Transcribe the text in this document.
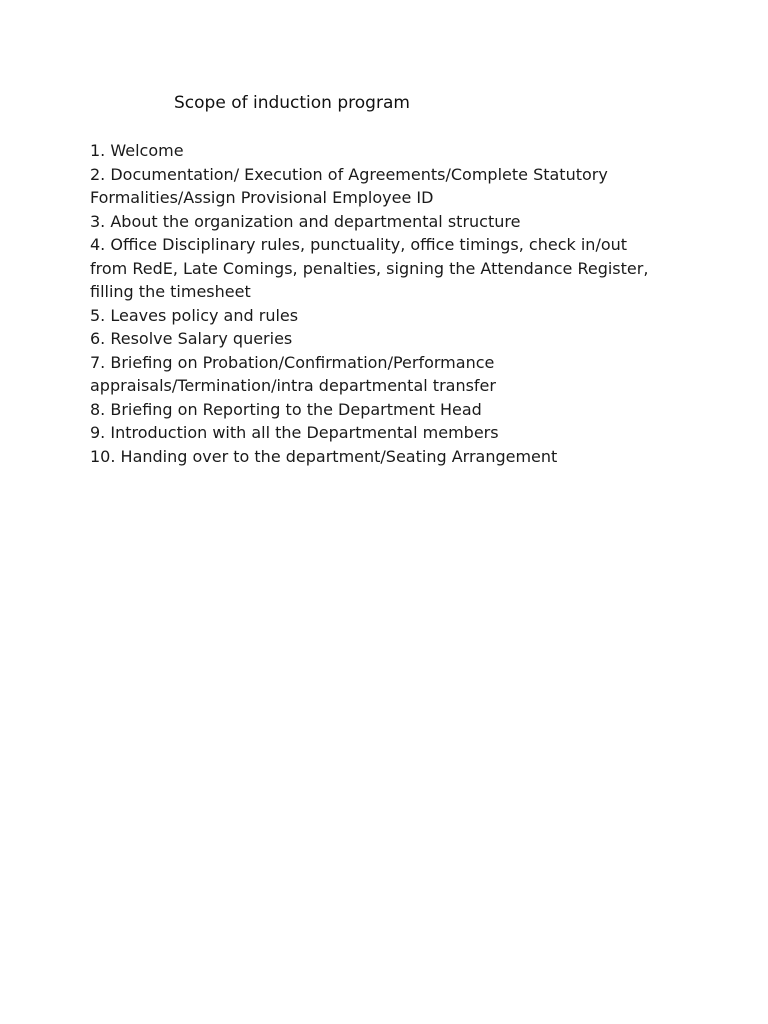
Scope of induction program
1. Welcome
2. Documentation/ Execution of Agreements/Complete Statutory
Formalities/Assign Provisional Employee ID
3. About the organization and departmental structure
4. Office Disciplinary rules, punctuality, office timings, check in/out
from RedE, Late Comings, penalties, signing the Attendance Register,
filling the timesheet
5. Leaves policy and rules
6. Resolve Salary queries
7. Briefing on Probation/Confirmation/Performance
appraisals/Termination/intra departmental transfer
8. Briefing on Reporting to the Department Head
9. Introduction with all the Departmental members
10. Handing over to the department/Seating Arrangement
